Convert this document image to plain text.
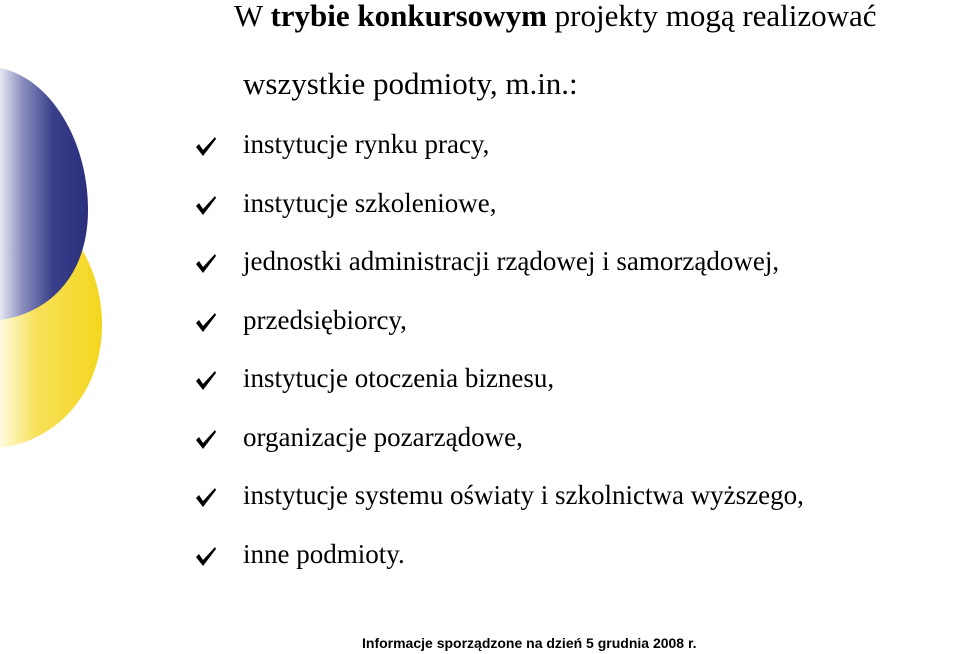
W trybie konkursowym projekty mogą realizować
wszystkie podmioty, m.in.:
instytucje rynku pracy,
instytucje szkoleniowe,
jednostki administracji rządowej i samorządowej,
przedsiębiorcy,
instytucje otoczenia biznesu,
organizacje pozarządowe,
instytucje systemu oświaty i szkolnictwa wyższego,
inne podmioty.
Informacje sporządzone na dzień 5 grudnia 2008 r.
